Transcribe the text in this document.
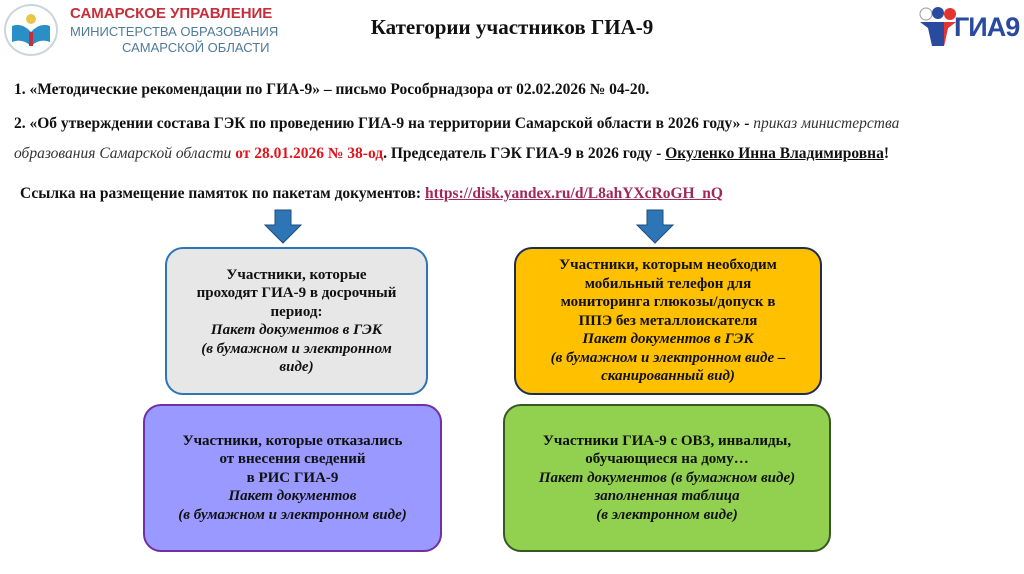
САМАРСКОЕ УПРАВЛЕНИЕ
МИНИСТЕРСТВА ОБРАЗОВАНИЯ
САМАРСКОЙ ОБЛАСТИ
Категории участников ГИА-9	ГИА9
1. «Методические рекомендации по ГИА-9» – письмо Рособрнадзора от 02.02.2026 № 04-20.
2. «Об утверждении состава ГЭК по проведению ГИА-9 на территории Самарской области в 2026 году» - приказ министерства
образования Самарской области от 28.01.2026 № 38-од. Председатель ГЭК ГИА-9 в 2026 году - Окуленко Инна Владимировна!
Ссылка на размещение памяток по пакетам документов: https://disk.yandex.ru/d/L8ahYXcRoGH_nQ
Участники, которые
проходят ГИА-9 в досрочный
период:
Пакет документов в ГЭК
(в бумажном и электронном
виде)
Участники, которым необходим
мобильный телефон для
мониторинга глюкозы/допуск в
ППЭ без металлоискателя
Пакет документов в ГЭК
(в бумажном и электронном виде –
сканированный вид)
Участники, которые отказались
от внесения сведений
в РИС ГИА-9
Пакет документов
(в бумажном и электронном виде)
Участники ГИА-9 с ОВЗ, инвалиды,
обучающиеся на дому…
Пакет документов (в бумажном виде)
заполненная таблица
(в электронном виде)
